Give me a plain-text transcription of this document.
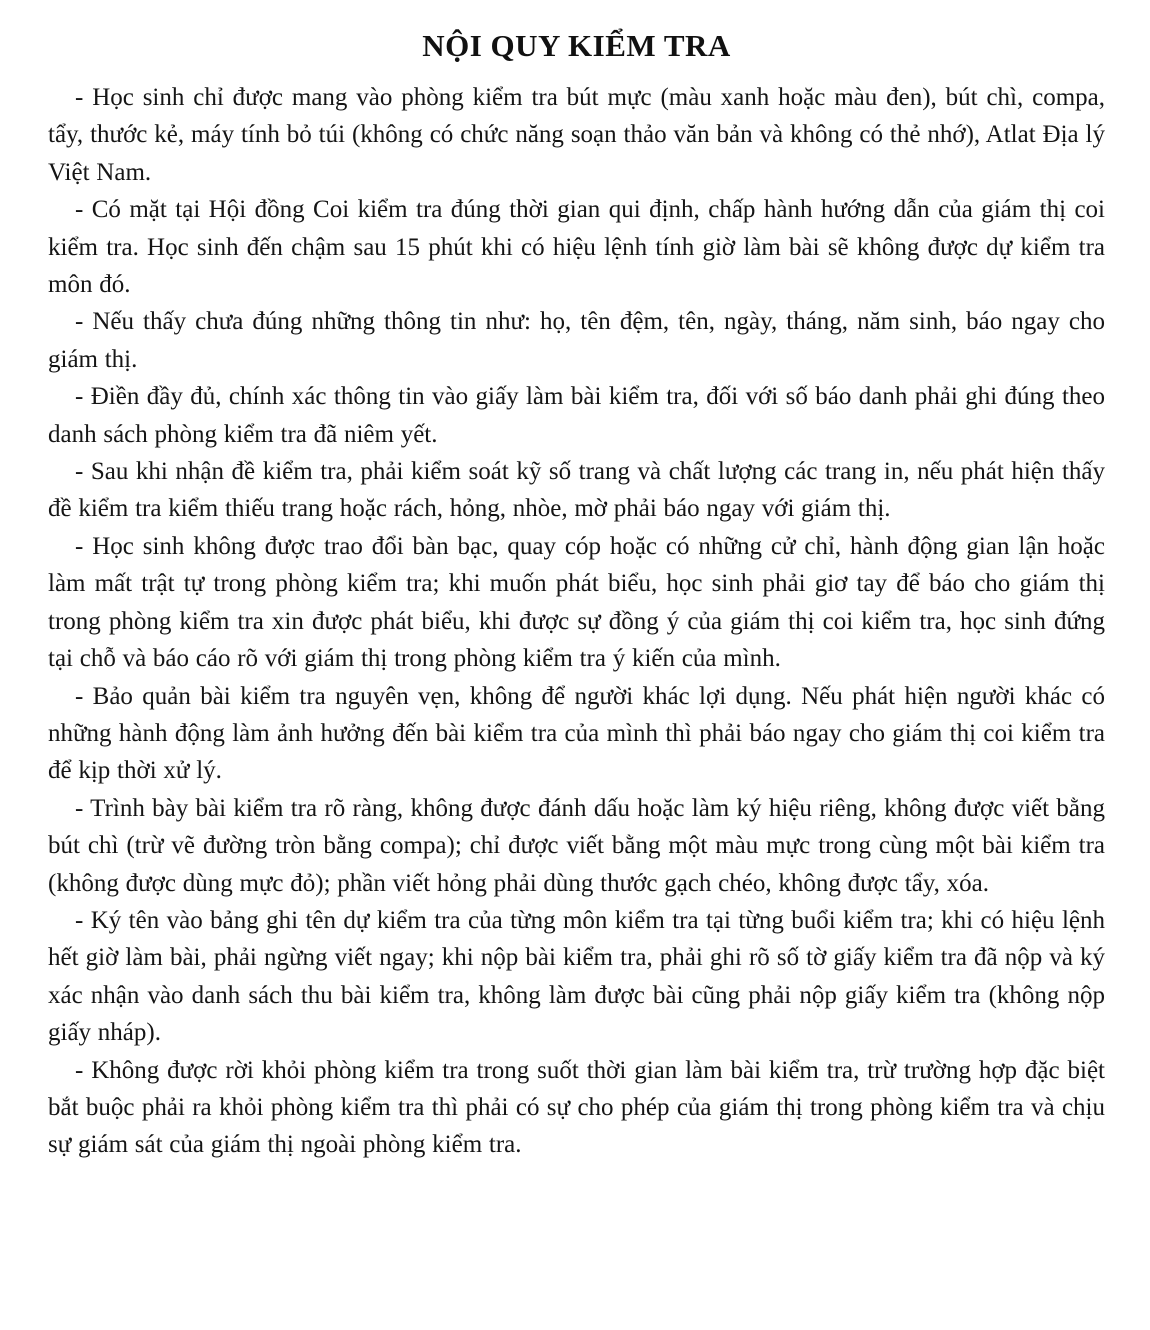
NỘI QUY KIỂM TRA

- Học sinh chỉ được mang vào phòng kiểm tra bút mực (màu xanh hoặc màu đen), bút chì, compa, tẩy, thước kẻ, máy tính bỏ túi (không có chức năng soạn thảo văn bản và không có thẻ nhớ), Atlat Địa lý Việt Nam.

- Có mặt tại Hội đồng Coi kiểm tra đúng thời gian qui định, chấp hành hướng dẫn của giám thị coi kiểm tra. Học sinh đến chậm sau 15 phút khi có hiệu lệnh tính giờ làm bài sẽ không được dự kiểm tra môn đó.

- Nếu thấy chưa đúng những thông tin như: họ, tên đệm, tên, ngày, tháng, năm sinh, báo ngay cho giám thị.

- Điền đầy đủ, chính xác thông tin vào giấy làm bài kiểm tra, đối với số báo danh phải ghi đúng theo danh sách phòng kiểm tra đã niêm yết.

- Sau khi nhận đề kiểm tra, phải kiểm soát kỹ số trang và chất lượng các trang in, nếu phát hiện thấy đề kiểm tra kiểm thiếu trang hoặc rách, hỏng, nhòe, mờ phải báo ngay với giám thị.

- Học sinh không được trao đổi bàn bạc, quay cóp hoặc có những cử chỉ, hành động gian lận hoặc làm mất trật tự trong phòng kiểm tra; khi muốn phát biểu, học sinh phải giơ tay để báo cho giám thị trong phòng kiểm tra xin được phát biểu, khi được sự đồng ý của giám thị coi kiểm tra, học sinh đứng tại chỗ và báo cáo rõ với giám thị trong phòng kiểm tra ý kiến của mình.

- Bảo quản bài kiểm tra nguyên vẹn, không để người khác lợi dụng. Nếu phát hiện người khác có những hành động làm ảnh hưởng đến bài kiểm tra của mình thì phải báo ngay cho giám thị coi kiểm tra để kịp thời xử lý.

- Trình bày bài kiểm tra rõ ràng, không được đánh dấu hoặc làm ký hiệu riêng, không được viết bằng bút chì (trừ vẽ đường tròn bằng compa); chỉ được viết bằng một màu mực trong cùng một bài kiểm tra (không được dùng mực đỏ); phần viết hỏng phải dùng thước gạch chéo, không được tẩy, xóa.

- Ký tên vào bảng ghi tên dự kiểm tra của từng môn kiểm tra tại từng buổi kiểm tra; khi có hiệu lệnh hết giờ làm bài, phải ngừng viết ngay; khi nộp bài kiểm tra, phải ghi rõ số tờ giấy kiểm tra đã nộp và ký xác nhận vào danh sách thu bài kiểm tra, không làm được bài cũng phải nộp giấy kiểm tra (không nộp giấy nháp).

- Không được rời khỏi phòng kiểm tra trong suốt thời gian làm bài kiểm tra, trừ trường hợp đặc biệt bắt buộc phải ra khỏi phòng kiểm tra thì phải có sự cho phép của giám thị trong phòng kiểm tra và chịu sự giám sát của giám thị ngoài phòng kiểm tra.
